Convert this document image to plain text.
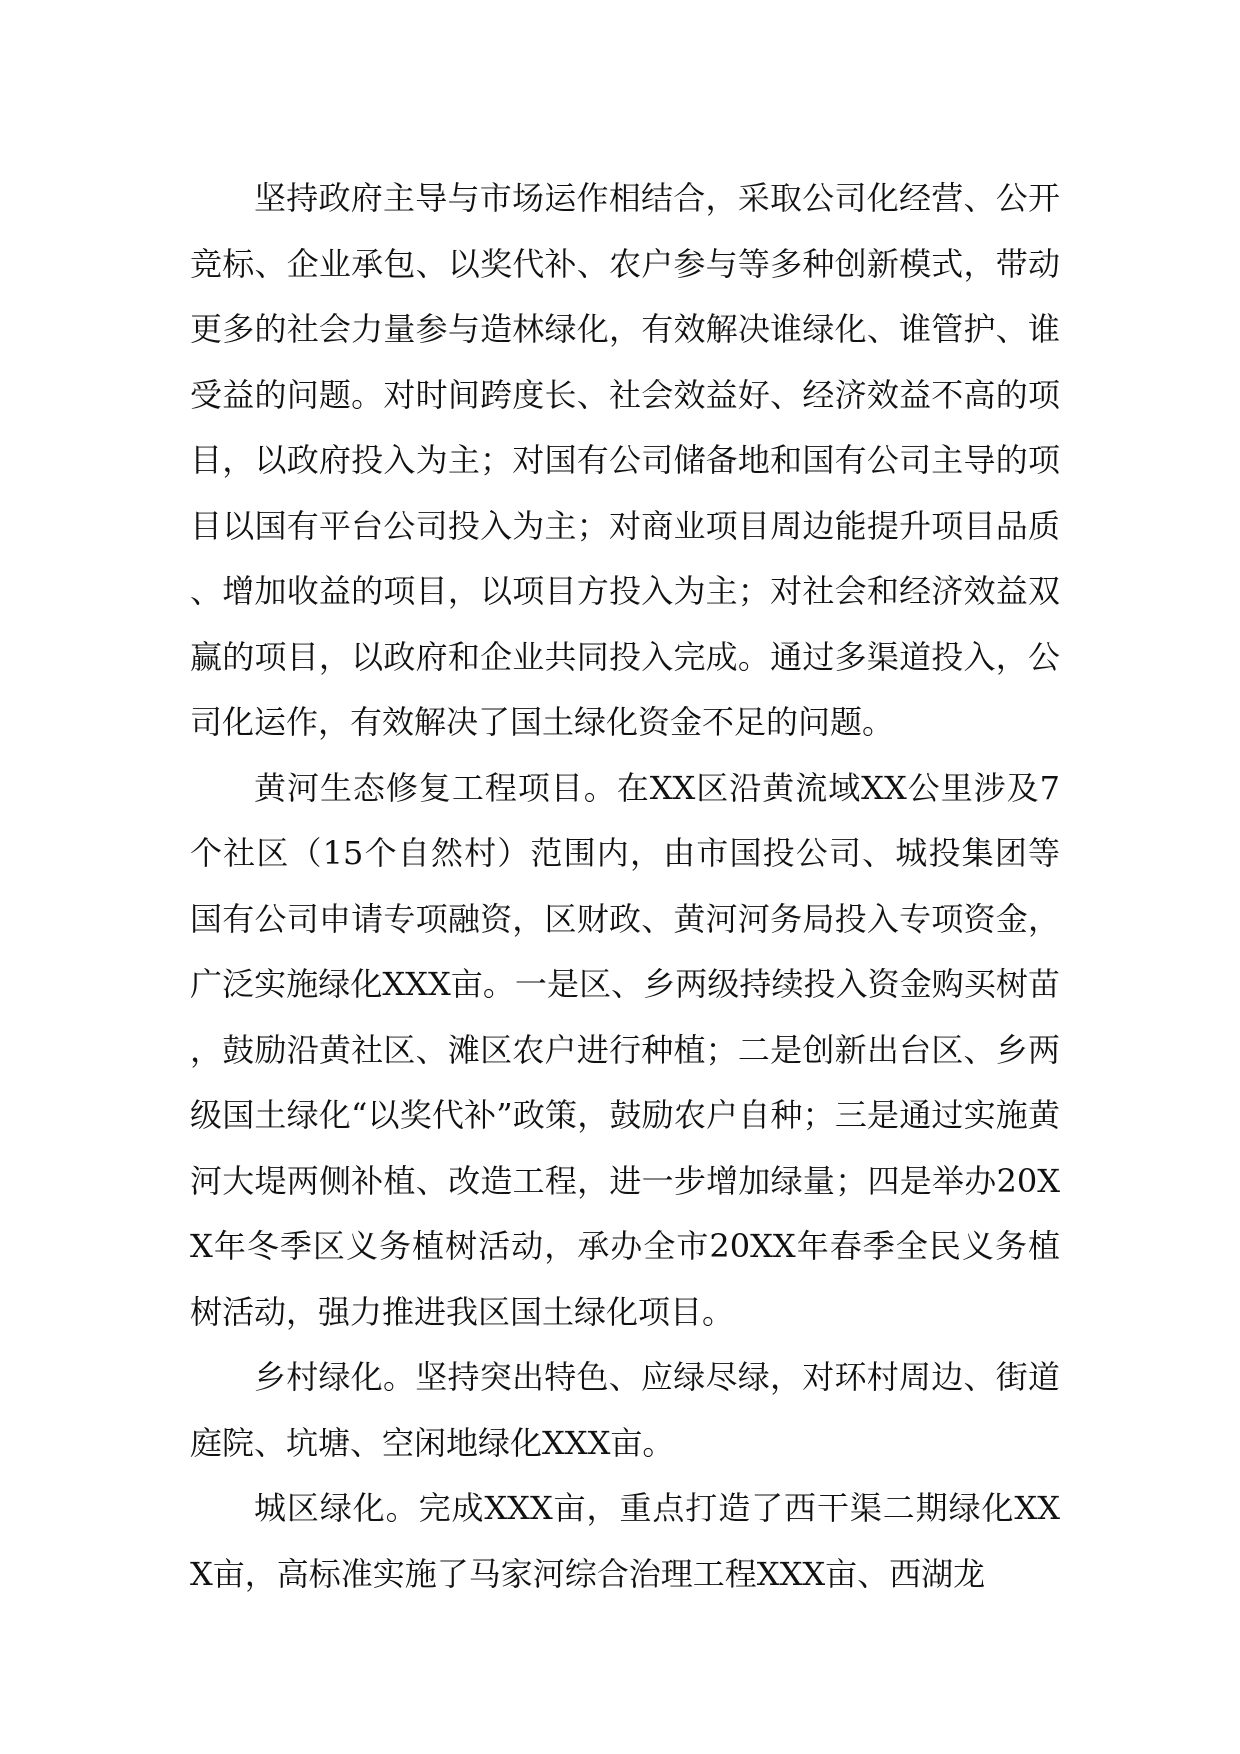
坚持政府主导与市场运作相结合，采取公司化经营、公开竞标、企业承包、以奖代补、农户参与等多种创新模式，带动更多的社会力量参与造林绿化，有效解决谁绿化、谁管护、谁受益的问题。对时间跨度长、社会效益好、经济效益不高的项目，以政府投入为主；对国有公司储备地和国有公司主导的项目以国有平台公司投入为主；对商业项目周边能提升项目品质、增加收益的项目，以项目方投入为主；对社会和经济效益双赢的项目，以政府和企业共同投入完成。通过多渠道投入，公司化运作，有效解决了国土绿化资金不足的问题。

黄河生态修复工程项目。在XX区沿黄流域XX公里涉及7个社区（15个自然村）范围内，由市国投公司、城投集团等国有公司申请专项融资，区财政、黄河河务局投入专项资金，广泛实施绿化XXX亩。一是区、乡两级持续投入资金购买树苗，鼓励沿黄社区、滩区农户进行种植；二是创新出台区、乡两级国土绿化“以奖代补”政策，鼓励农户自种；三是通过实施黄河大堤两侧补植、改造工程，进一步增加绿量；四是举办20XX年冬季区义务植树活动，承办全市20XX年春季全民义务植树活动，强力推进我区国土绿化项目。

乡村绿化。坚持突出特色、应绿尽绿，对环村周边、街道庭院、坑塘、空闲地绿化XXX亩。

城区绿化。完成XXX亩，重点打造了西干渠二期绿化XXX亩，高标准实施了马家河综合治理工程XXX亩、西湖龙
